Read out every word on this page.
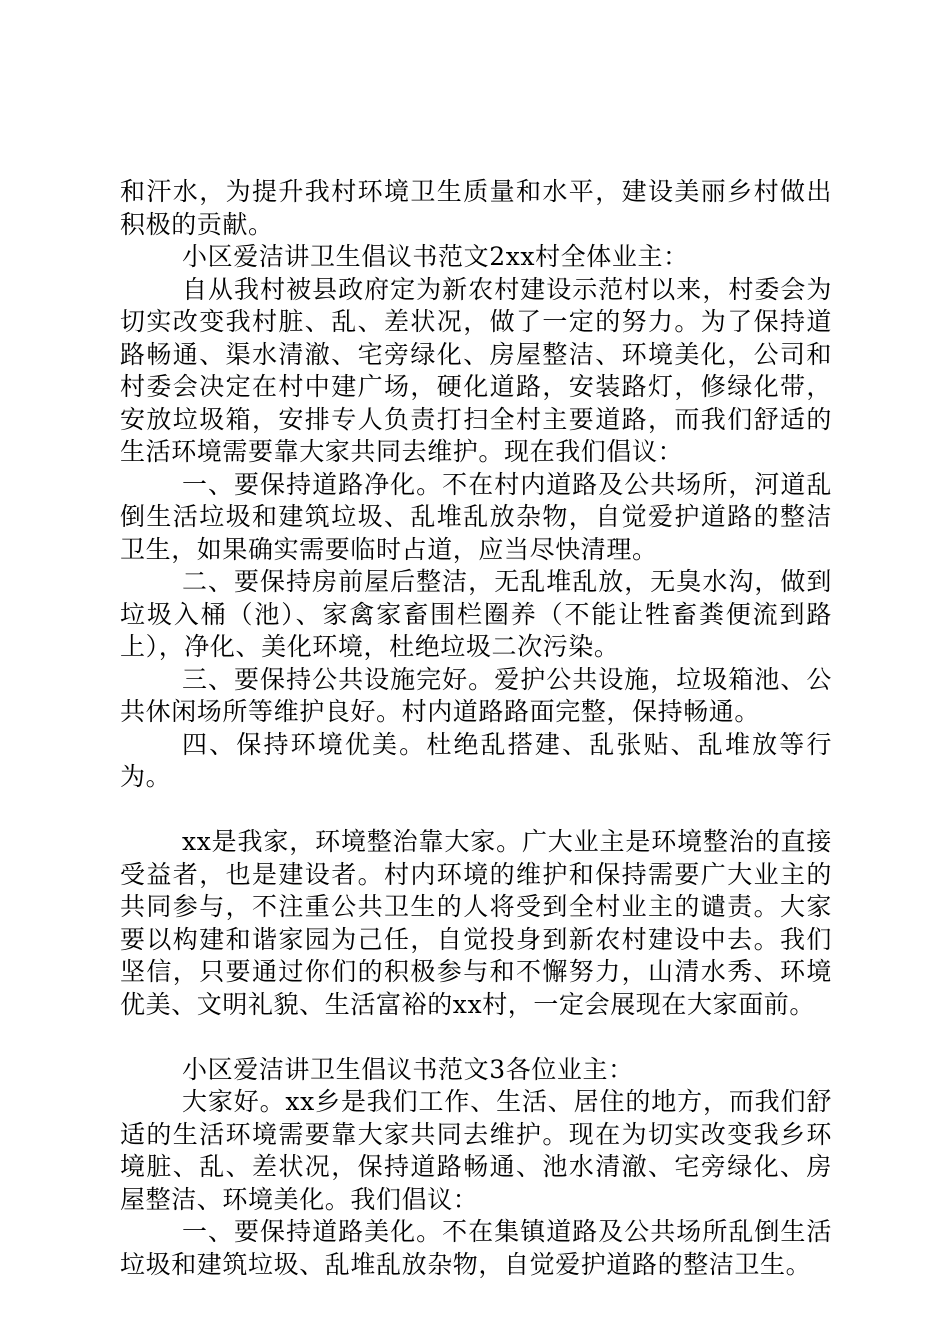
和汗水，为提升我村环境卫生质量和水平，建设美丽乡村做出积极的贡献。

小区爱洁讲卫生倡议书范文2xx村全体业主：

自从我村被县政府定为新农村建设示范村以来，村委会为切实改变我村脏、乱、差状况，做了一定的努力。为了保持道路畅通、渠水清澈、宅旁绿化、房屋整洁、环境美化，公司和村委会决定在村中建广场，硬化道路，安装路灯，修绿化带，安放垃圾箱，安排专人负责打扫全村主要道路，而我们舒适的生活环境需要靠大家共同去维护。现在我们倡议：

一、要保持道路净化。不在村内道路及公共场所，河道乱倒生活垃圾和建筑垃圾、乱堆乱放杂物，自觉爱护道路的整洁卫生，如果确实需要临时占道，应当尽快清理。

二、要保持房前屋后整洁，无乱堆乱放，无臭水沟，做到垃圾入桶（池）、家禽家畜围栏圈养（不能让牲畜粪便流到路上），净化、美化环境，杜绝垃圾二次污染。

三、要保持公共设施完好。爱护公共设施，垃圾箱池、公共休闲场所等维护良好。村内道路路面完整，保持畅通。

四、保持环境优美。杜绝乱搭建、乱张贴、乱堆放等行为。

xx是我家，环境整治靠大家。广大业主是环境整治的直接受益者，也是建设者。村内环境的维护和保持需要广大业主的共同参与，不注重公共卫生的人将受到全村业主的谴责。大家要以构建和谐家园为己任，自觉投身到新农村建设中去。我们坚信，只要通过你们的积极参与和不懈努力，山清水秀、环境优美、文明礼貌、生活富裕的xx村，一定会展现在大家面前。

小区爱洁讲卫生倡议书范文3各位业主：

大家好。xx乡是我们工作、生活、居住的地方，而我们舒适的生活环境需要靠大家共同去维护。现在为切实改变我乡环境脏、乱、差状况，保持道路畅通、池水清澈、宅旁绿化、房屋整洁、环境美化。我们倡议：

一、要保持道路美化。不在集镇道路及公共场所乱倒生活垃圾和建筑垃圾、乱堆乱放杂物，自觉爱护道路的整洁卫生。
